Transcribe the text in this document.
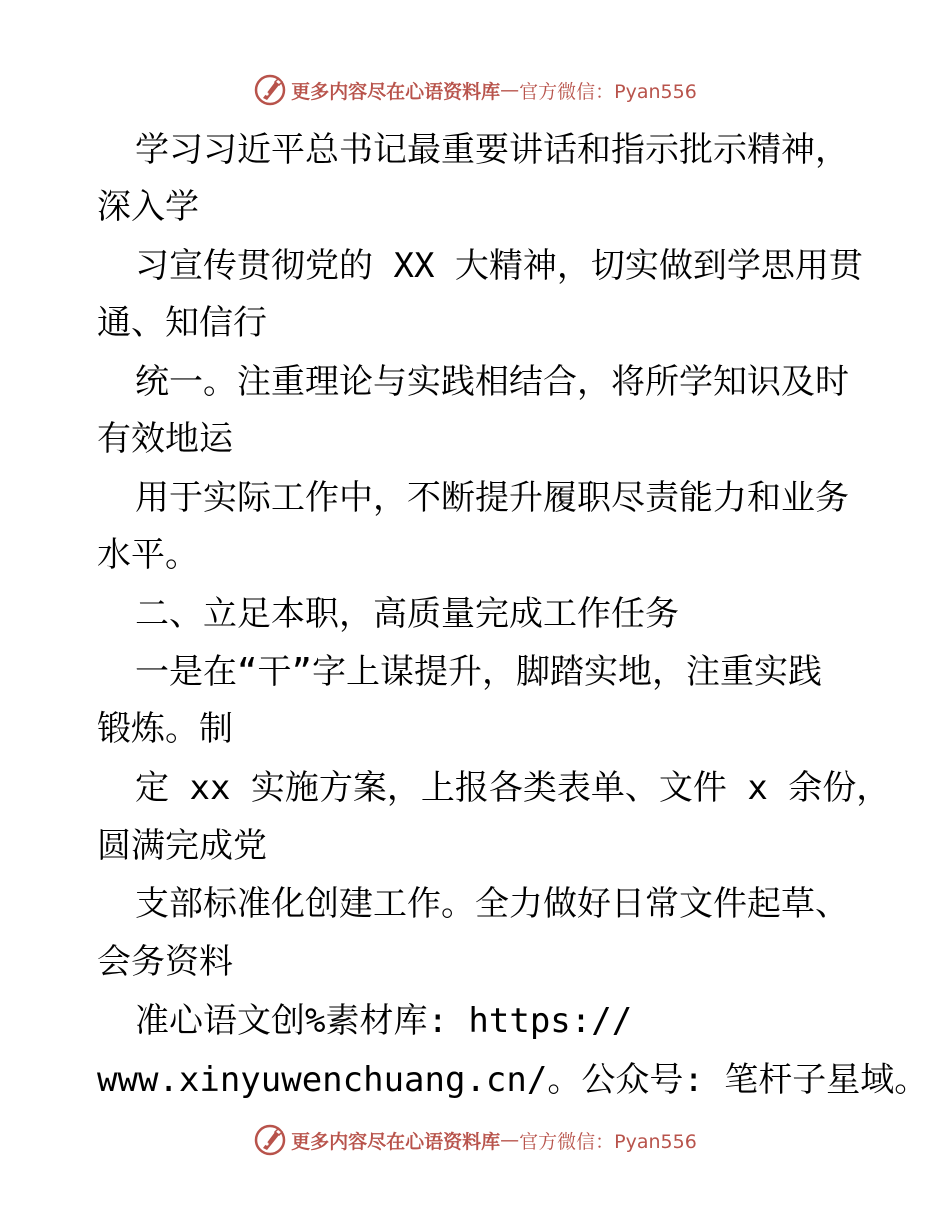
更多内容尽在心语资料库 — 官方微信：Pyan556
学习习近平总书记最重要讲话和指示批示精神，
深入学
习宣传贯彻党的 XX 大精神，切实做到学思用贯
通、知信行
统一。注重理论与实践相结合，将所学知识及时
有效地运
用于实际工作中，不断提升履职尽责能力和业务
水平。
二、立足本职，高质量完成工作任务
一是在“干”字上谋提升，脚踏实地，注重实践
锻炼。制
定 xx 实施方案，上报各类表单、文件 x 余份，
圆满完成党
支部标准化创建工作。全力做好日常文件起草、
会务资料
准心语文创%素材库: https://
www.xinyuwenchuang.cn/。公众号: 笔杆子星域。
更多内容尽在心语资料库 — 官方微信：Pyan556
